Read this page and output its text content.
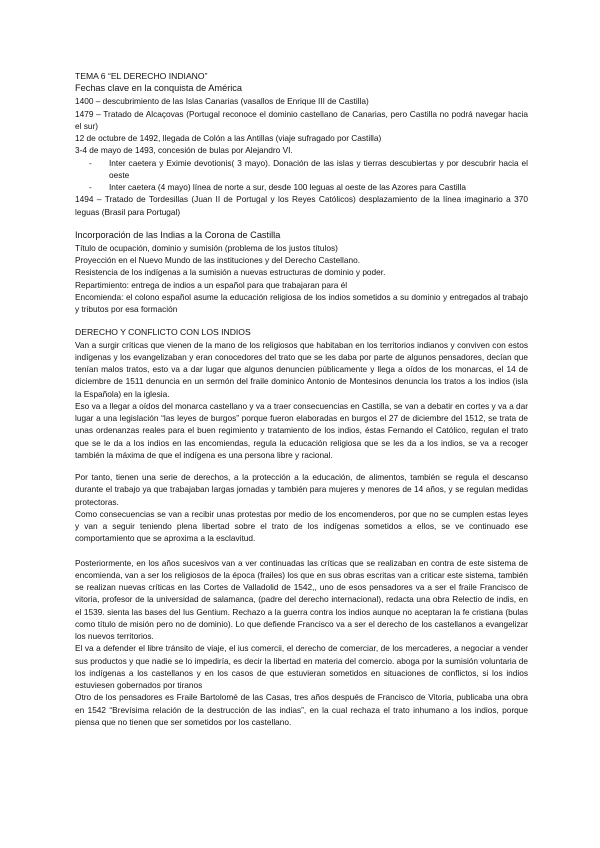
TEMA 6 “EL DERECHO INDIANO”

Fechas clave en la conquista de América

1400 – descubrimiento de las Islas Canarias (vasallos de Enrique III de Castilla)

1479 – Tratado de Alcaçovas (Portugal reconoce el dominio castellano de Canarias, pero Castilla no podrá navegar hacia el sur)

12 de octubre de 1492, llegada de Colón a las Antillas (viaje sufragado por Castilla)

3-4 de mayo de 1493, concesión de bulas por Alejandro VI.

- Inter caetera y Eximie devotionis( 3 mayo). Donación de las islas y tierras descubiertas y por descubrir hacia el oeste
- Inter caetera (4 mayo) línea de norte a sur, desde 100 leguas al oeste de las Azores para Castilla

1494 – Tratado de Tordesillas (Juan II de Portugal y los Reyes Católicos) desplazamiento de la línea imaginario a 370 leguas (Brasil para Portugal)

Incorporación de las Indias a la Corona de Castilla

Título de ocupación, dominio y sumisión (problema de los justos títulos)

Proyección en el Nuevo Mundo de las instituciones y del Derecho Castellano.

Resistencia de los indígenas a la sumisión a nuevas estructuras de dominio y poder.

Repartimiento: entrega de indios a un español para que trabajaran para él

Encomienda: el colono español asume la educación religiosa de los indios sometidos a su dominio y entregados al trabajo y tributos por esa formación

DERECHO Y CONFLICTO CON LOS INDIOS

Van a surgir críticas que vienen de la mano de los religiosos que habitaban en los territorios indianos y conviven con estos indígenas y los evangelizaban y eran conocedores del trato que se les daba por parte de algunos pensadores, decían que tenían malos tratos, esto va a dar lugar que algunos denuncien públicamente y llega a oídos de los monarcas, el 14 de diciembre de 1511 denuncia en un sermón del fraile dominico Antonio de Montesinos denuncia los tratos a los indios (isla la Española) en la iglesia.

Eso va a llegar a oídos del monarca castellano y va a traer consecuencias en Castilla, se van a debatir en cortes y va a dar lugar a una legislación “las leyes de burgos” porque fueron elaboradas en burgos el 27 de diciembre del 1512, se trata de unas ordenanzas reales para el buen regimiento y tratamiento de los indios, éstas Fernando el Católico, regulan el trato que se le da a los indios en las encomiendas, regula la educación religiosa que se les da a los indios, se va a recoger también la máxima de que el indígena es una persona libre y racional.

Por tanto, tienen una serie de derechos, a la protección a la educación, de alimentos, también se regula el descanso durante el trabajo ya que trabajaban largas jornadas y también para mujeres y menores de 14 años, y se regulan medidas protectoras.

Como consecuencias se van a recibir unas protestas por medio de los encomenderos, por que no se cumplen estas leyes y van a seguir teniendo plena libertad sobre el trato de los indígenas sometidos a ellos, se ve continuado ese comportamiento que se aproxima a la esclavitud.

Posteriormente, en los años sucesivos van a ver continuadas las críticas que se realizaban en contra de este sistema de encomienda, van a ser los religiosos de la época (frailes) los que en sus obras escritas van a criticar este sistema, también se realizan nuevas críticas en las Cortes de Valladolid de 1542,, uno de esos pensadores va a ser el fraile Francisco de vitoria, profesor de la universidad de salamanca, (padre del derecho internacional), redacta una obra Relectio de indis, en el 1539. sienta las bases del Ius Gentium. Rechazo a la guerra contra los indios aunque no aceptaran la fe cristiana (bulas como título de misión pero no de dominio). Lo que defiende Francisco va a ser el derecho de los castellanos a evangelizar los nuevos territorios.

El va a defender el libre tránsito de viaje, el ius comercii, el derecho de comerciar, de los mercaderes, a negociar a vender sus productos y que nadie se lo impediría, es decir la libertad en materia del comercio. aboga por la sumisión voluntaria de los indígenas a los castellanos y en los casos de que estuvieran sometidos en situaciones de conflictos, si los indios estuviesen gobernados por tiranos

Otro de los pensadores es Fraile Bartolomé de las Casas, tres años después de Francisco de Vitoria, publicaba una obra en 1542 “Brevísima relación de la destrucción de las indias”, en la cual rechaza el trato inhumano a los indios, porque piensa que no tienen que ser sometidos por los castellano.
